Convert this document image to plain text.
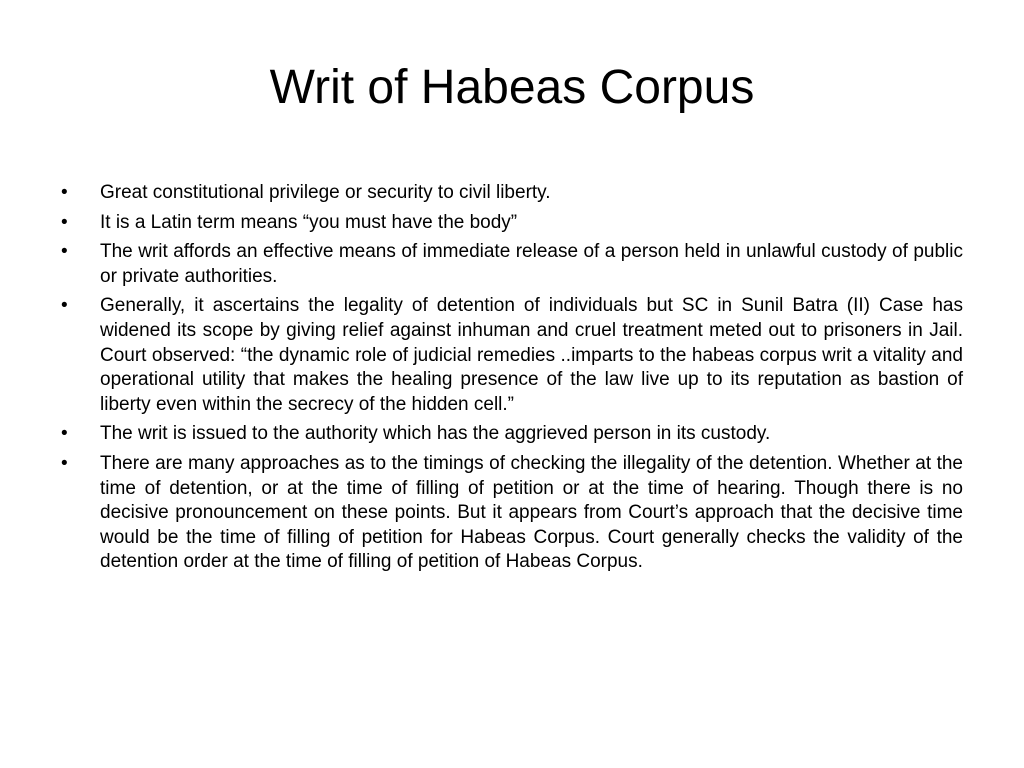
Writ of Habeas Corpus
• Great constitutional privilege or security to civil liberty.
• It is a Latin term means “you must have the body”
• The writ affords an effective means of immediate release of a person held in unlawful custody of public or private authorities.
• Generally, it ascertains the legality of detention of individuals but SC in Sunil Batra (II) Case has widened its scope by giving relief against inhuman and cruel treatment meted out to prisoners in Jail. Court observed: “the dynamic role of judicial remedies ..imparts to the habeas corpus writ a vitality and operational utility that makes the healing presence of the law live up to its reputation as bastion of liberty even within the secrecy of the hidden cell.”
• The writ is issued to the authority which has the aggrieved person in its custody.
• There are many approaches as to the timings of checking the illegality of the detention. Whether at the time of detention, or at the time of filling of petition or at the time of hearing. Though there is no decisive pronouncement on these points. But it appears from Court’s approach that the decisive time would be the time of filling of petition for Habeas Corpus. Court generally checks the validity of the detention order at the time of filling of petition of Habeas Corpus.
